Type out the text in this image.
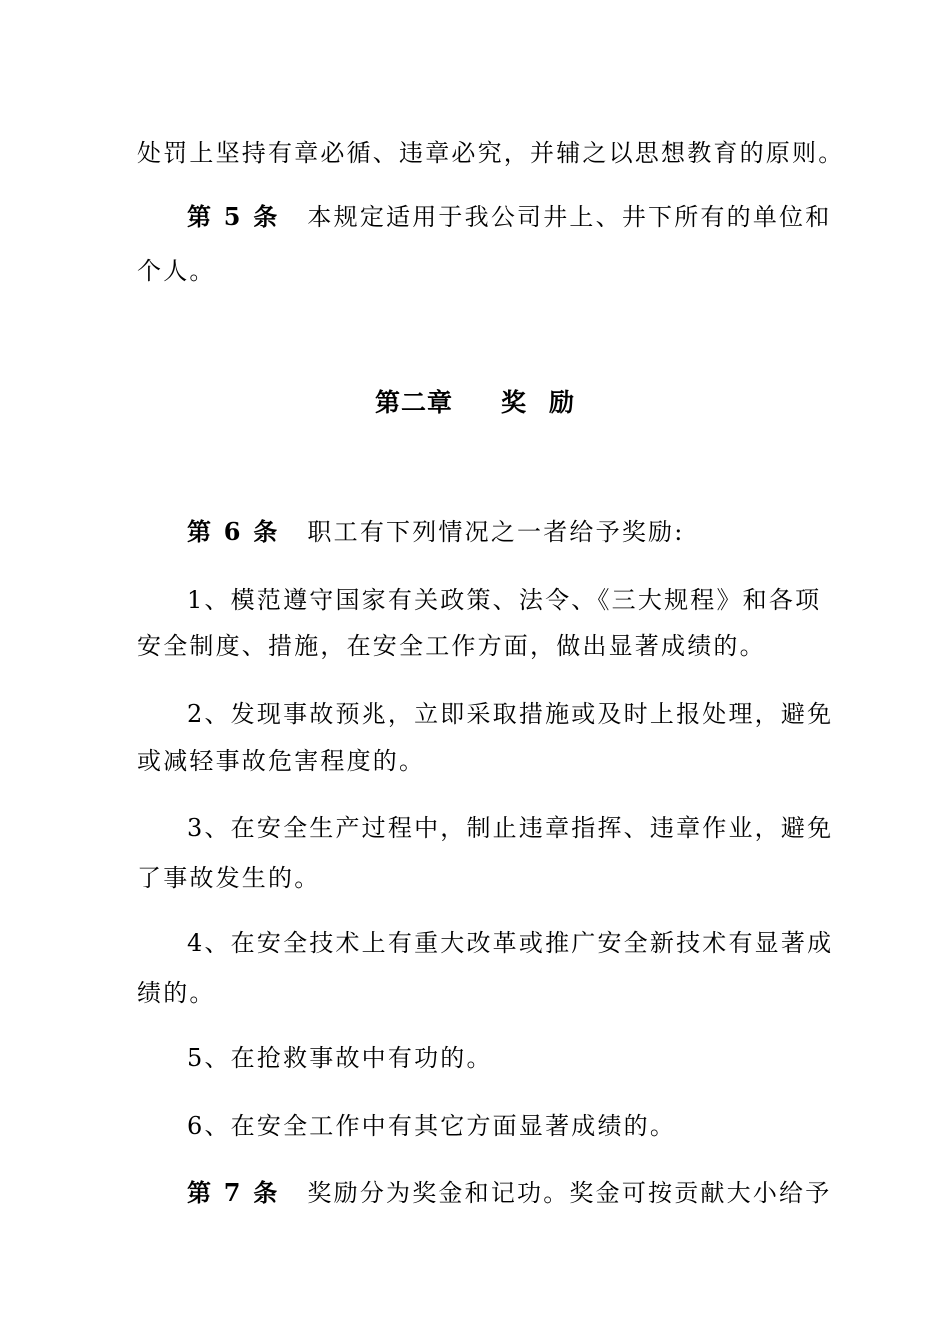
处罚上坚持有章必循、违章必究，并辅之以思想教育的原则。
第 5 条 本规定适用于我公司井上、井下所有的单位和
个人。
第二章 奖 励
第 6 条 职工有下列情况之一者给予奖励:
1、模范遵守国家有关政策、法令、《三大规程》和各项
安全制度、措施，在安全工作方面，做出显著成绩的。
2、发现事故预兆，立即采取措施或及时上报处理，避免
或减轻事故危害程度的。
3、在安全生产过程中，制止违章指挥、违章作业，避免
了事故发生的。
4、在安全技术上有重大改革或推广安全新技术有显著成
绩的。
5、在抢救事故中有功的。
6、在安全工作中有其它方面显著成绩的。
第 7 条 奖励分为奖金和记功。奖金可按贡献大小给予
